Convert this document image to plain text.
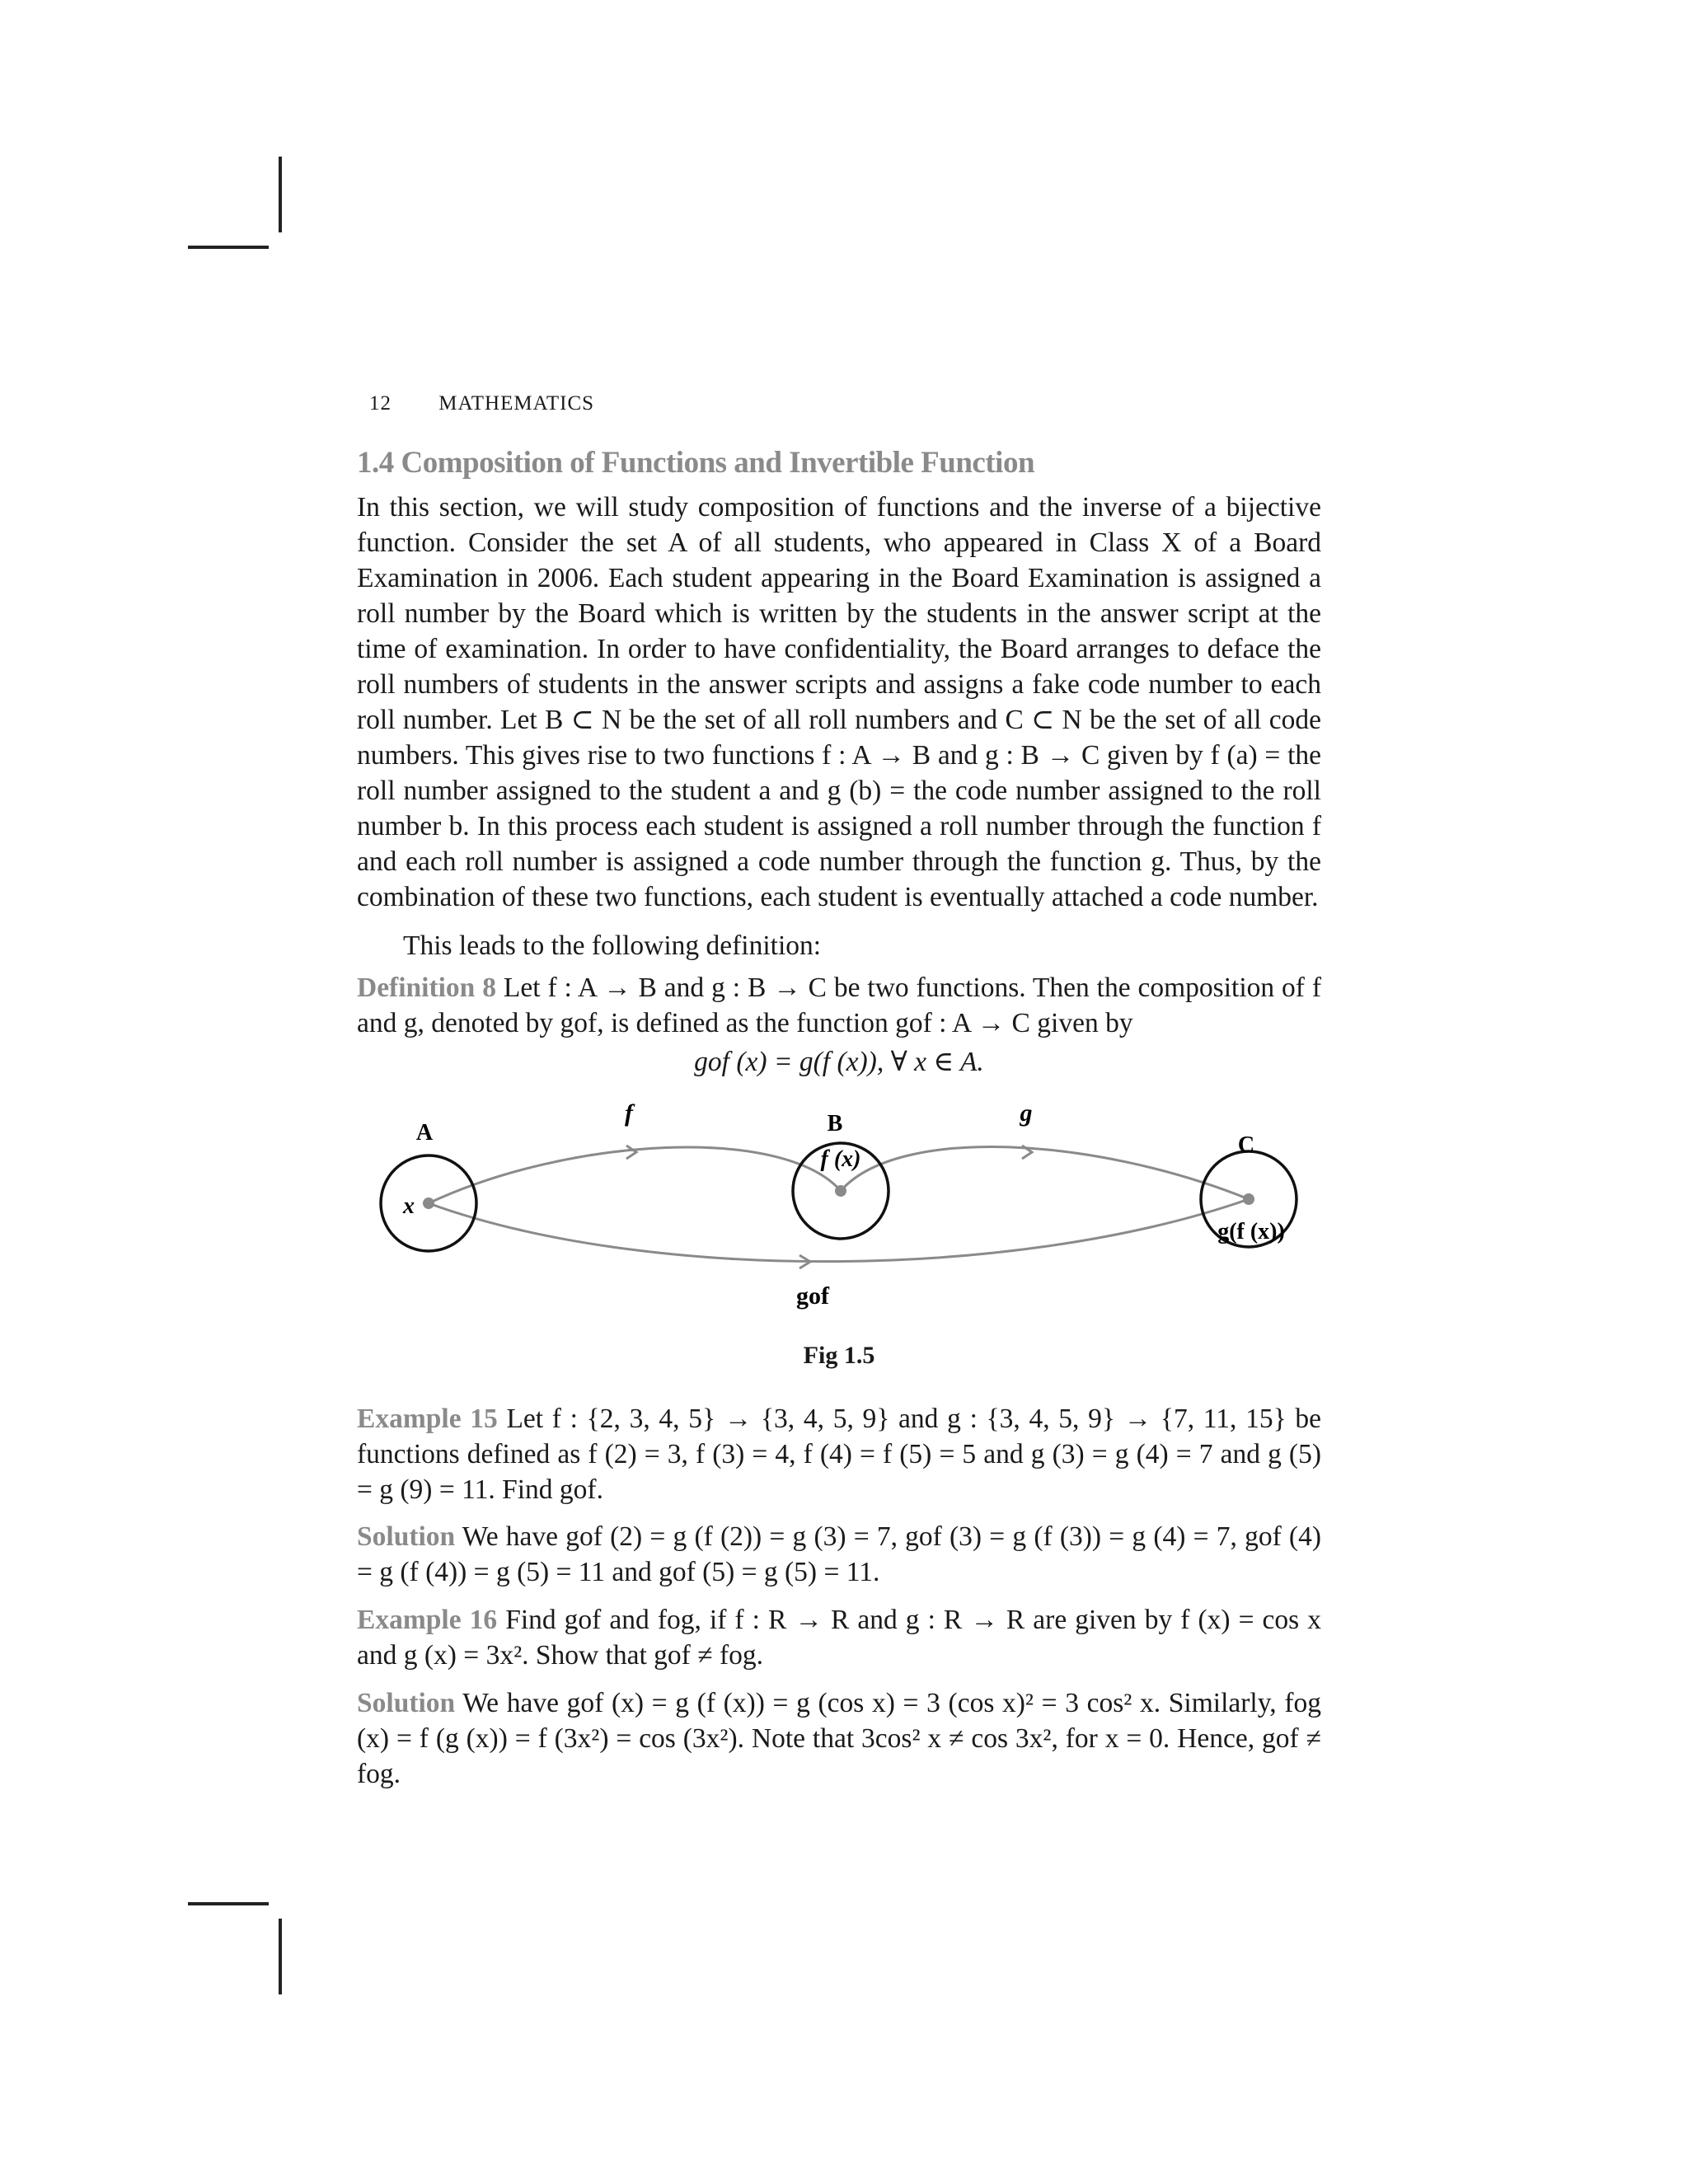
12 MATHEMATICS
1.4 Composition of Functions and Invertible Function

In this section, we will study composition of functions and the inverse of a bijective function. Consider the set A of all students, who appeared in Class X of a Board Examination in 2006. Each student appearing in the Board Examination is assigned a roll number by the Board which is written by the students in the answer script at the time of examination. In order to have confidentiality, the Board arranges to deface the roll numbers of students in the answer scripts and assigns a fake code number to each roll number. Let B ⊂ N be the set of all roll numbers and C ⊂ N be the set of all code numbers. This gives rise to two functions f : A → B and g : B → C given by f (a) = the roll number assigned to the student a and g (b) = the code number assigned to the roll number b. In this process each student is assigned a roll number through the function f and each roll number is assigned a code number through the function g. Thus, by the combination of these two functions, each student is eventually attached a code number.

This leads to the following definition:

Definition 8 Let f : A → B and g : B → C be two functions. Then the composition of f and g, denoted by gof, is defined as the function gof : A → C given by

gof (x) = g(f (x)), ∀ x ∈ A.
A	B
C
x
f (x)
g(f (x))
f	g
gof
Fig 1.5

Example 15 Let f : {2, 3, 4, 5} → {3, 4, 5, 9} and g : {3, 4, 5, 9} → {7, 11, 15} be functions defined as f (2) = 3, f (3) = 4, f (4) = f (5) = 5 and g (3) = g (4) = 7 and g (5) = g (9) = 11. Find gof.

Solution We have gof (2) = g (f (2)) = g (3) = 7, gof (3) = g (f (3)) = g (4) = 7, gof (4) = g (f (4)) = g (5) = 11 and gof (5) = g (5) = 11.

Example 16 Find gof and fog, if f : R → R and g : R → R are given by f (x) = cos x and g (x) = 3x². Show that gof ≠ fog.

Solution We have gof (x) = g (f (x)) = g (cos x) = 3 (cos x)² = 3 cos² x. Similarly, fog (x) = f (g (x)) = f (3x²) = cos (3x²). Note that 3cos² x ≠ cos 3x², for x = 0. Hence, gof ≠ fog.
